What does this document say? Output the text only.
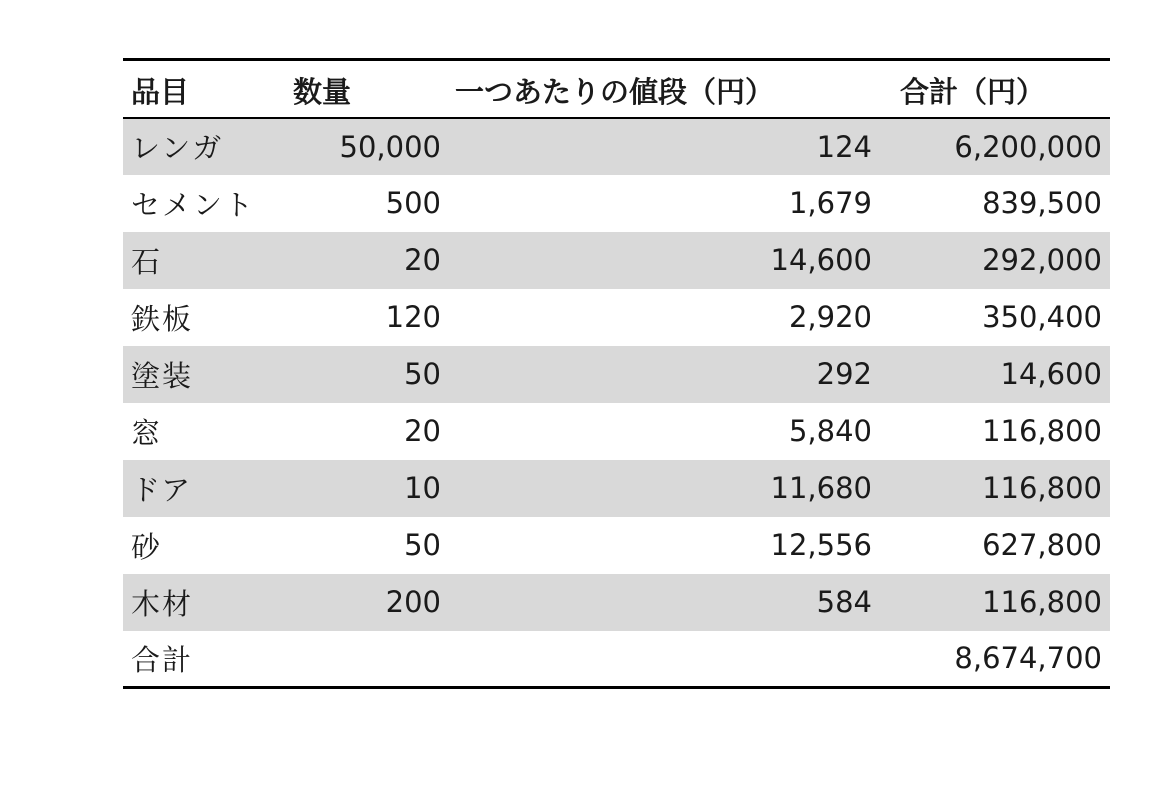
品目	数量	一つあたりの値段（円）	合計（円）
レンガ	50,000	124	6,200,000
セメント	500	1,679	839,500
石	20	14,600	292,000
鉄板	120	2,920	350,400
塗装	50	292	14,600
窓	20	5,840	116,800
ドア	10	11,680	116,800
砂	50	12,556	627,800
木材	200	584	116,800
合計			8,674,700
